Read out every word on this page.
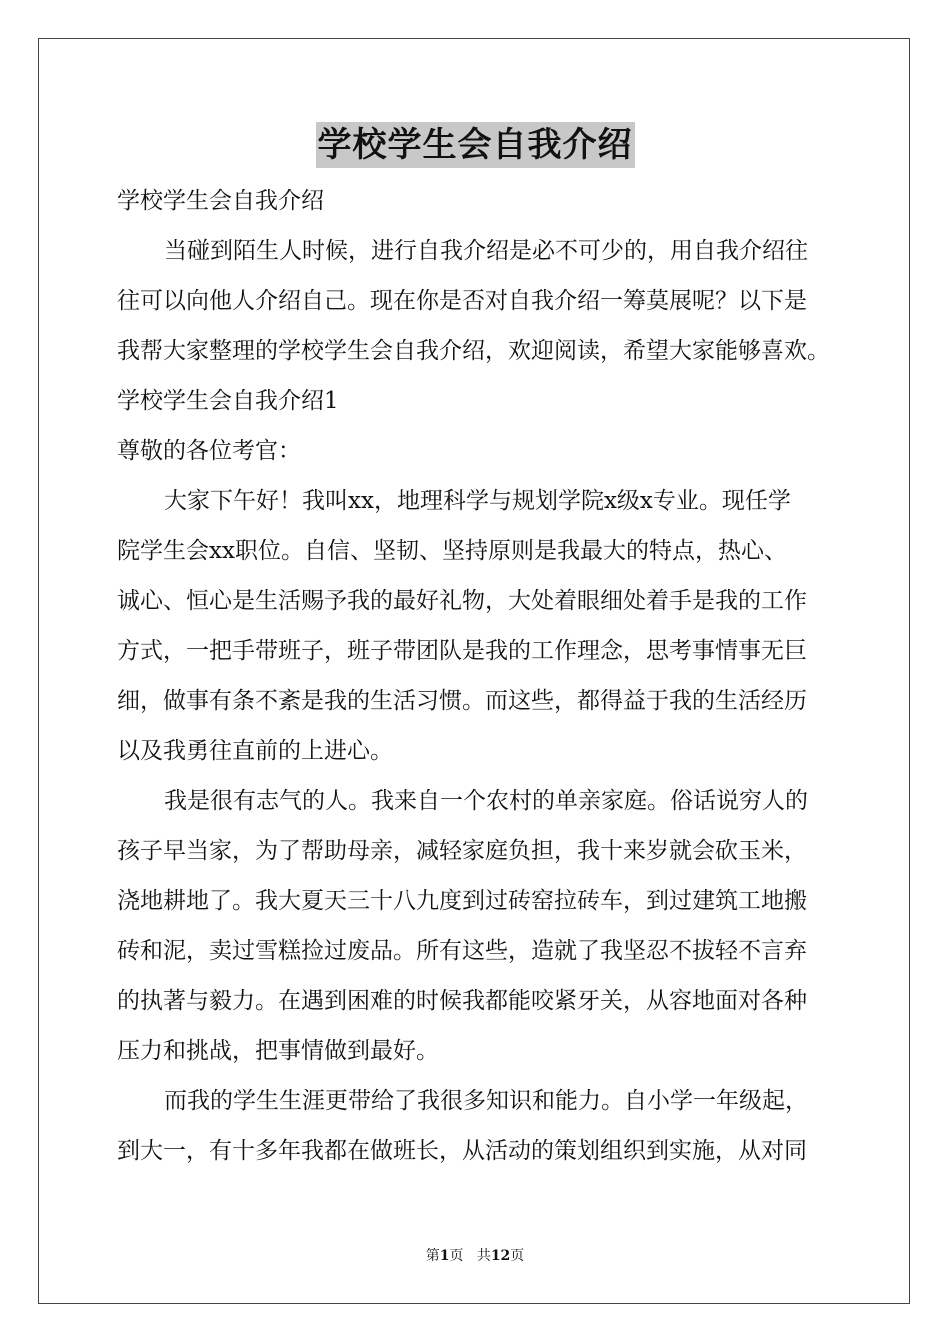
学校学生会自我介绍

学校学生会自我介绍

当碰到陌生人时候，进行自我介绍是必不可少的，用自我介绍往

往可以向他人介绍自己。现在你是否对自我介绍一筹莫展呢？以下是

我帮大家整理的学校学生会自我介绍，欢迎阅读，希望大家能够喜欢。

学校学生会自我介绍1

尊敬的各位考官：

大家下午好！我叫xx，地理科学与规划学院x级x专业。现任学

院学生会xx职位。自信、坚韧、坚持原则是我最大的特点，热心、

诚心、恒心是生活赐予我的最好礼物，大处着眼细处着手是我的工作

方式，一把手带班子，班子带团队是我的工作理念，思考事情事无巨

细，做事有条不紊是我的生活习惯。而这些，都得益于我的生活经历

以及我勇往直前的上进心。

我是很有志气的人。我来自一个农村的单亲家庭。俗话说穷人的

孩子早当家，为了帮助母亲，减轻家庭负担，我十来岁就会砍玉米，

浇地耕地了。我大夏天三十八九度到过砖窑拉砖车，到过建筑工地搬

砖和泥，卖过雪糕捡过废品。所有这些，造就了我坚忍不拔轻不言弃

的执著与毅力。在遇到困难的时候我都能咬紧牙关，从容地面对各种

压力和挑战，把事情做到最好。

而我的学生生涯更带给了我很多知识和能力。自小学一年级起，

到大一，有十多年我都在做班长，从活动的策划组织到实施，从对同

第1页 共12页
